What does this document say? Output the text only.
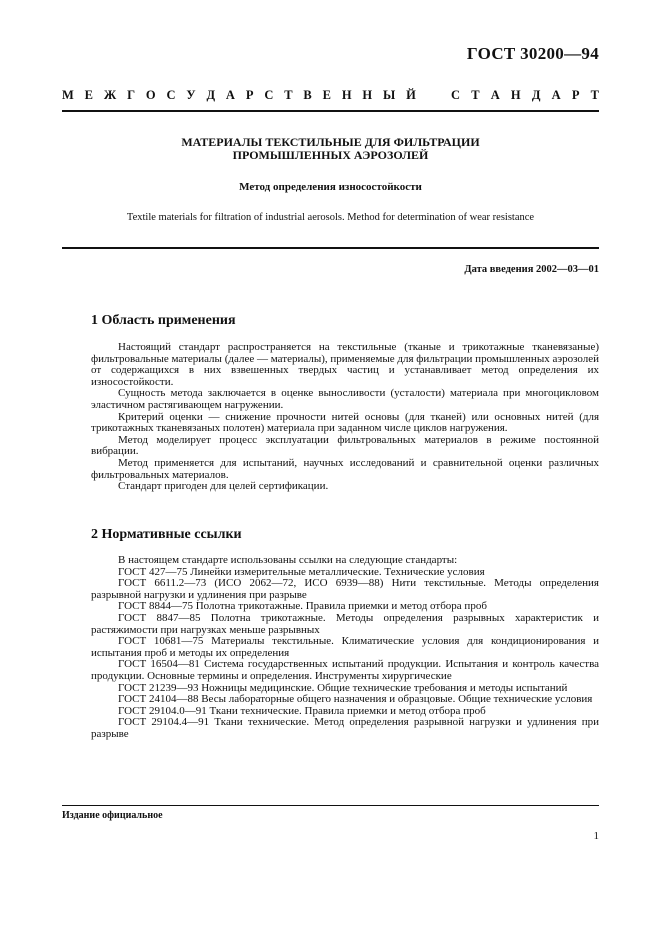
ГОСТ 30200—94
М Е Ж Г О С У Д А Р С Т В Е Н Н Ы Й	С Т А Н Д А Р Т
МАТЕРИАЛЫ ТЕКСТИЛЬНЫЕ ДЛЯ ФИЛЬТРАЦИИ
ПРОМЫШЛЕННЫХ АЭРОЗОЛЕЙ
Метод определения износостойкости
Textile materials for filtration of industrial aerosols. Method for determination of wear resistance
Дата введения 2002—03—01
1 Область применения

Настоящий стандарт распространяется на текстильные (тканые и трикотажные тканевязаные) фильтровальные материалы (далее — материалы), применяемые для фильтрации промышленных аэрозолей от содержащихся в них взвешенных твердых частиц и устанавливает метод определения их износостойкости.

Сущность метода заключается в оценке выносливости (усталости) материала при многоцикловом эластичном растягивающем нагружении.

Критерий оценки — снижение прочности нитей основы (для тканей) или основных нитей (для трикотажных тканевязаных полотен) материала при заданном числе циклов нагружения.

Метод моделирует процесс эксплуатации фильтровальных материалов в режиме постоянной вибрации.

Метод применяется для испытаний, научных исследований и сравнительной оценки различных фильтровальных материалов.

Стандарт пригоден для целей сертификации.

2 Нормативные ссылки

В настоящем стандарте использованы ссылки на следующие стандарты:

ГОСТ 427—75 Линейки измерительные металлические. Технические условия

ГОСТ 6611.2—73 (ИСО 2062—72, ИСО 6939—88) Нити текстильные. Методы определения разрывной нагрузки и удлинения при разрыве

ГОСТ 8844—75 Полотна трикотажные. Правила приемки и метод отбора проб

ГОСТ 8847—85 Полотна трикотажные. Методы определения разрывных характеристик и растяжимости при нагрузках меньше разрывных

ГОСТ 10681—75 Материалы текстильные. Климатические условия для кондиционирования и испытания проб и методы их определения

ГОСТ 16504—81 Система государственных испытаний продукции. Испытания и контроль качества продукции. Основные термины и определения. Инструменты хирургические

ГОСТ 21239—93 Ножницы медицинские. Общие технические требования и методы испытаний

ГОСТ 24104—88 Весы лабораторные общего назначения и образцовые. Общие технические условия

ГОСТ 29104.0—91 Ткани технические. Правила приемки и метод отбора проб

ГОСТ 29104.4—91 Ткани технические. Метод определения разрывной нагрузки и удлинения при разрыве

Издание официальное
1
